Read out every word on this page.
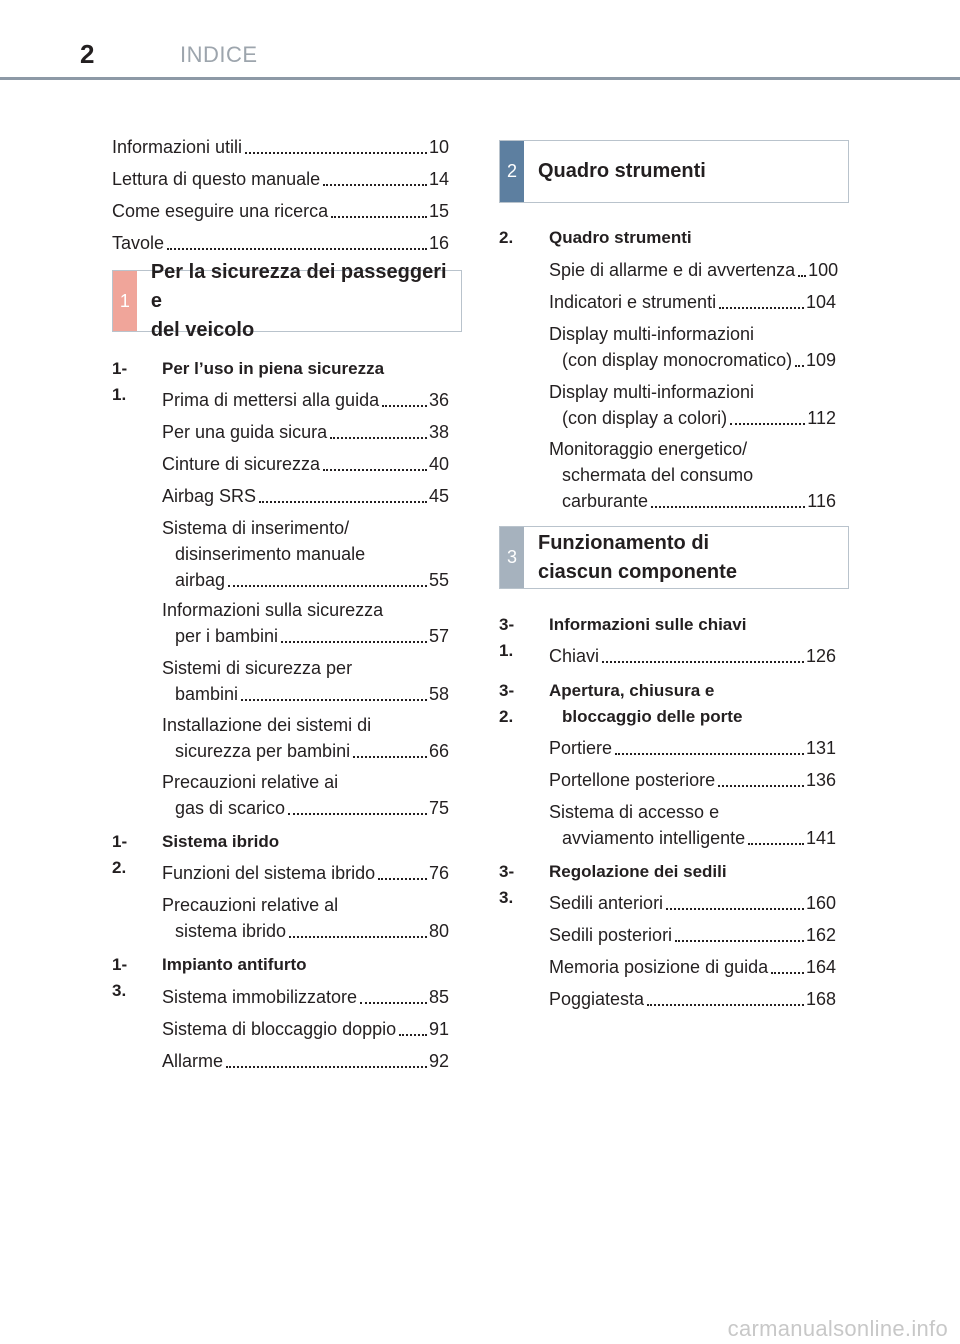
2	INDICE
Informazioni utili	10
Lettura di questo manuale	14
Come eseguire una ricerca	15
Tavole	16
1
Per la sicurezza dei passeggeri e
del veicolo
1-1.
Per l’uso in piena sicurezza
Prima di mettersi alla guida	36
Per una guida sicura	38
Cinture di sicurezza	40
Airbag SRS	45
Sistema di inserimento/
disinserimento manuale
airbag	55
Informazioni sulla sicurezza
per i bambini	57
Sistemi di sicurezza per
bambini	58
Installazione dei sistemi di
sicurezza per bambini	66
Precauzioni relative ai
gas di scarico	75
1-2.
Sistema ibrido
Funzioni del sistema ibrido	76
Precauzioni relative al
sistema ibrido	80
1-3.
Impianto antifurto
Sistema immobilizzatore	85
Sistema di bloccaggio doppio 91
Allarme	92
2	Quadro strumenti
2. Quadro strumenti
Spie di allarme e di avvertenza 100
Indicatori e strumenti	104
Display multi-informazioni
(con display monocromatico) 109
Display multi-informazioni
(con display a colori)	112
Monitoraggio energetico/
schermata del consumo
carburante	116
3
Funzionamento di
ciascun componente
3-1.
Informazioni sulle chiavi
Chiavi	126
3-2.
Apertura, chiusura e
bloccaggio delle porte
Portiere	131
Portellone posteriore	136
Sistema di accesso e
avviamento intelligente	141
3-3.
Regolazione dei sedili
Sedili anteriori	160
Sedili posteriori	162
Memoria posizione di guida 164
Poggiatesta	168
carmanualsonline.info
